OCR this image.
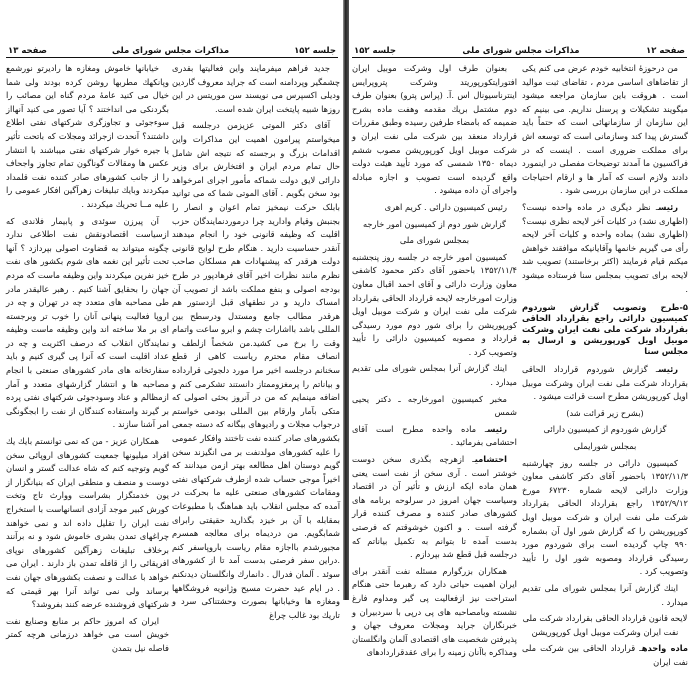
جلسه ۱۵۲
مذاکرات مجلس شورای ملی
صفحه ۱۳

جدید فراهم میفرمایند واین فعالیتها بقدری چشمگیر وپردامنه است که جراید معروف گاردین ودیلی اکسپرس می نویسند سن موریتس در این روزها شبیه پایتخت ایران شده است.

آقای دکتر الموتی عزیزمن درجلسه قبل میخواستم پیرامون اهمیت این مذاکرات واین اقدامات بزرگ و برجسته که نتیجه اش شامل حال تمام مردم ایران و افتخارش برای وزیر دارائی لایق دولت شماکه مأمور اجرای امرخواهد بود سخن بگویم . آقای الموتی شما که می توانید بابلک حرکت نیمخیز تمام اعوان و انصار را بجنبش وقیام وادارید چرا درموردنمایندگان حزب اقلیت که وظیفه قانونی خود را انجام میدهند آنقدر حساسیت دارید . هنگام طرح لوایح قانونی دولت هرقدر که پیشنهادات هم مسلکان صاحب نظرم مانند نظرات اخیر آقای فرهادپور در طرح بودجه اصولی و بنفع مملکت باشد از تصویب آن امساک دارید و در نطقهای قبل ازدستور هم هرقدر مطالب جامع ومستدل ودرسطح بین المللی باشد بااشارات چشم و ابرو ساعت واتمام وقت را برخ می کشید.من شخصاً ازلطف و انصاف مقام محترم ریاست کاهی از قطع سخنانم درجلسه اخیر مرا مورد دلجوئی قرارداده و بیاناتم را پرمغزوممتاز دانستند تشکرمی کنم و اضافه مینمایم که من در آنروز بحثی اصولی که متکی بآمار وارقام بین المللی بودمی خواستم درجواب مجلات و رادیوهای بیگانه که دسته جمعی بکشورهای صادر کننده نفت تاختند وافکار عمومی را علیه کشورهای مولدنفت بر می انگیزند سخن گویم دوستان اهل مطالعه بهتر ازمن میدانند که اخیراً موجی حساب شده ازطرف شرکتهای نفتی ومقامات کشورهای صنعتی علیه ما بحرکت در آمده که مجلس انقلاب باید هماهنگ با مطبوعات بمقابله با آن بر خیزد بگذارید حقیقتی رابرای شمابگویم. من دردیماه برای معالجه همسرم مجبورشدم بااجازه مقام ریاست باروپاسفر کنم .دراین سفر فرصتی بدست آمد تا از کشورهای سوئد . آلمان فدرال . دانمارك وانگلستان دیدنکنم . در ایام عید حضرت مسیح وژانویه فروشگاهها ومغازه ها وخیابانها بصورت وحشتناکی سرد و تاریك بود غالب چراغ

خیابانها خاموش ومغازه ها رادیرتو نورشمع وپانکهك مطربها روشن کرده بودند ولی شما خیال می کنید عامهٔ مردم گناه این مصائب را بگردنکی می انداختند ؟ آیا تصور می کنید آنهااز سوءجوئی و تجاوزگری شرکتهای نفتی اطلاع داشتند؟ آنحدت ازجرائد ومجلات که باتحت تأثیر یا جیره خوار شرکتهای نفتی میباشند با انتشار عکس ها ومقالات گوناگون تمام تجاوز واجحاف را از جانب کشورهای صادر کننده نفت قلمداد میکردند وبایك تبلیغات زهرآگین افکار عمومی را علیه مــا تحریك میکردند .

آن پیرزن سوئدی و پابیمار فلاندی که ازسیاست اقتصادونقش نفت اطلاعی ندارد چگونه میتواند به قضاوت اصولی بپردازد ؟ آنها تحت تأثیر این نغمه های شوم بکشور های نفت خیز نفرین میکردند واین وظیفه ماست که مردم جهان را بحقایق آشنا کنیم . رهبر عالیقدر مادر طی مصاحبه های متعدد چه در تهران و چه در اروپا فعالیت پنهانی آنان را خوب تر وبرجسته ای بر ملا ساخته اند واین وظیفه ماست وظیفه نمایندگان انقلاب که درصف اکثریت و چه در عداد اقلیت است که آنرا پی گیری کنیم و باید سفارتخانه های مادر کشورهای صنعتی با انجام مصاحبه ها و انتشار گزارشهای متعدد و آمار ازمظالم و عناد وسودجوئی شرکتهای نفتی پرده بر گیرند واستفاده کنندگان از نفت را ابجگونگی امر آشنا سازند .

همکاران عزیز - من که نمی توانستم بایك یك افراد میلیونها جمعیت کشورهای اروپائی سخن گویم وتوجیه کنم که شاه عدالت گستر و انسان دوست و منصف و منطقی ایران که بنیانگزار از یون خدمتگزار بشراست ووارث تاج وتخت کورش کبیر موجد آزادی انسانهاست با استخراج نفت ایران را تقلیل داده اند و نمی خواهند چراغهای تمدن بشری خاموش شود و نه برآنند برخلاف تبلیغات زهرآگین کشورهای نوپای افریقائی را از قافله تمدن باز دارند . ایران می خواهد با عدالت و نصفت بکشورهای جهان نفت برساند ولی نمی تواند آنرا بهر قیمتی که شرکتهای فروشنده عرضه کنند بفروشد؟

ایران که امروز حاکم بر منابع وصنایع نفت خویش است می خواهد درزمانی هرچه کمتر فاصله نیل بتمدن

صفحه ۱۲
مذاکرات مجلس شورای ملی
جلسه ۱۵۲

من درحوزهٔ انتخابیه خودم عرض می کنم یکی از تقاضاهای اساسی مردم ، تقاضای ثبت موالید است . هروقت باین سازمان مراجعه میشود میگویند تشکیلات و پرسنل نداریم. می بینیم که این سازمان از سازمانهائی است که حتماً باید گسترش پیدا کند وسازمانی است که توسعه اش برای مملکت ضروری است . اینست که در فراکسیون ما آمدند توضیحات مفصلی در اینمورد دادند ولازم است که آمار ها و ارقام احتیاجات مملکت در این سازمان بررسی شود .

رئیسـ نظر دیگری در ماده واحده نیست؟ (اظهاری نشد) در کلیات آخر لایحه نظری نیست؟ (اظهاری نشد) بماده واحده و کلیات آخر لایحه رأی می گیریم خانمها وآقایانیکه موافقند خواهش میکنم قیام فرمایند (اکثر برخاستند) تصویب شد لایحه برای تصویب بمجلس سنا فرستاده میشود .

۵-طرح وتصویب گزارش شوردوم کمیسیون دارائی راجع بقرارداد الحاقی بقرارداد شرکت ملی نفت ایران وشرکت موبیل اویل کورپوریشن و ارسال به مجلس سنا

رئیسـ گزارش شوردوم قرارداد الحاقی بقرارداد شرکت ملی نفت ایران وشرکت موبیل اویل کورپوریشن مطرح است قرائت میشود .

(بشرح زیر قرائت شد)

گزارش شوردوم از کمیسیون دارائی

بمجلس شورایملی

کمیسیون دارائی در جلسه روز چهارشنبه ۱۳۵۲/۱۱/۳ باحضور آقای دکتر کاشفی معاون وزارت دارائی لایحه شماره ۶۷۲۳۰ مورخ ۱۳۵۲/۹/۱۲ راجع بقرارداد الحاقی بقرارداد شرکت ملی نفت ایران و شرکت موبیل اویل کورپوریشن را که گزارش شور اول آن بشماره ۹۹۰ چاپ گردیده است برای شوردوم مورد رسیدگی قرارداد ومصوبه شور اول را تأیید وتصویب کرد .

اینك گزارش آنرا بمجلس شورای ملی تقدیم میدارد .

لایحه قانون قرارداد الحاقی بقرارداد شرکت ملی نفت ایران وشرکت موبیل اویل کورپوریشن

ماده واحدهـ قرارداد الحاقی بین شرکت ملی نفت ایران

بعنوان طرف اول وشرکت موبیل ایران افتورایتکورپوریتد وشرکت پتروپرایس اینترناسیونال اس .آ. (پراس پترو) بعنوان طرف دوم مشتمل بریك مقدمه وهفت ماده بشرح ضمیمه که بامضاء طرفین رسیده وطبق مقررات قرارداد منعقد بین شرکت ملی نفت ایران و شرکت موبیل اویل کورپوریشن مصوب ششم دیماه ۱۳۵۰ شمسی که مورد تأیید هیئت دولت واقع گردیده است تصویب و اجازه مبادله واجرای آن داده میشود .

رئیس کمیسیون دارائی . کریم اهری

گزارش شور دوم از کمیسیون امور خارجه

بمجلس شورای ملی

کمیسیون امور خارجه در جلسه روز پنجشنبه ۱۳۵۲/۱۱/۴ باحضور آقای دکتر محمود کاشفی معاون وزارت دارائی و آقای احمد اقبال معاون وزارت امورخارجه لایحه قرارداد الحاقی بقرارداد شرکت ملی نفت ایران و شرکت موبیل اویل کورپوریشن را برای شور دوم مورد رسیدگی قرارداد و مصوبه کمیسیون دارائی را تأیید وتصویب کرد .

اینك گزارش آنرا بمجلس شورای ملی تقدیم میدارد .

مخبر کمیسیون امورخارجه ـ دکتر یحیی شمس

رئیسـ ماده واحده مطرح است آقای احتشامی بفرمائید .

احتشامیـ ازهرچه بگذری سخن دوست خوشتر است . آری سخن از نفت است یعنی همان ماده ایکه ارزش و تأثیر آن در اقتصاد وسیاست جهان امروز در سرلوحه برنامه های کشورهای صادر کننده و مصرف کننده قرار گرفته است . و اکنون خوشوقتم که فرصتی بدست آمده تا بتوانم به تکمیل بیاناتم که درجلسه قبل قطع شد بپردازم .

همکاران بزرگوارم مسئله نفت آنقدر برای ایران اهمیت حیاتی دارد که رهبرما حتی هنگام استراحت نیز ازفعالیت پی گیر ومداوم فارغ نشسته وبامصاحبه های پی درپی با سردبیران و خبرنگاران جراید ومجلات معروف جهان و پذیرفتن شخصیت های اقتصادی آلمان وانگلستان ومذاکره باآنان زمینه را برای عقدقراردادهای
